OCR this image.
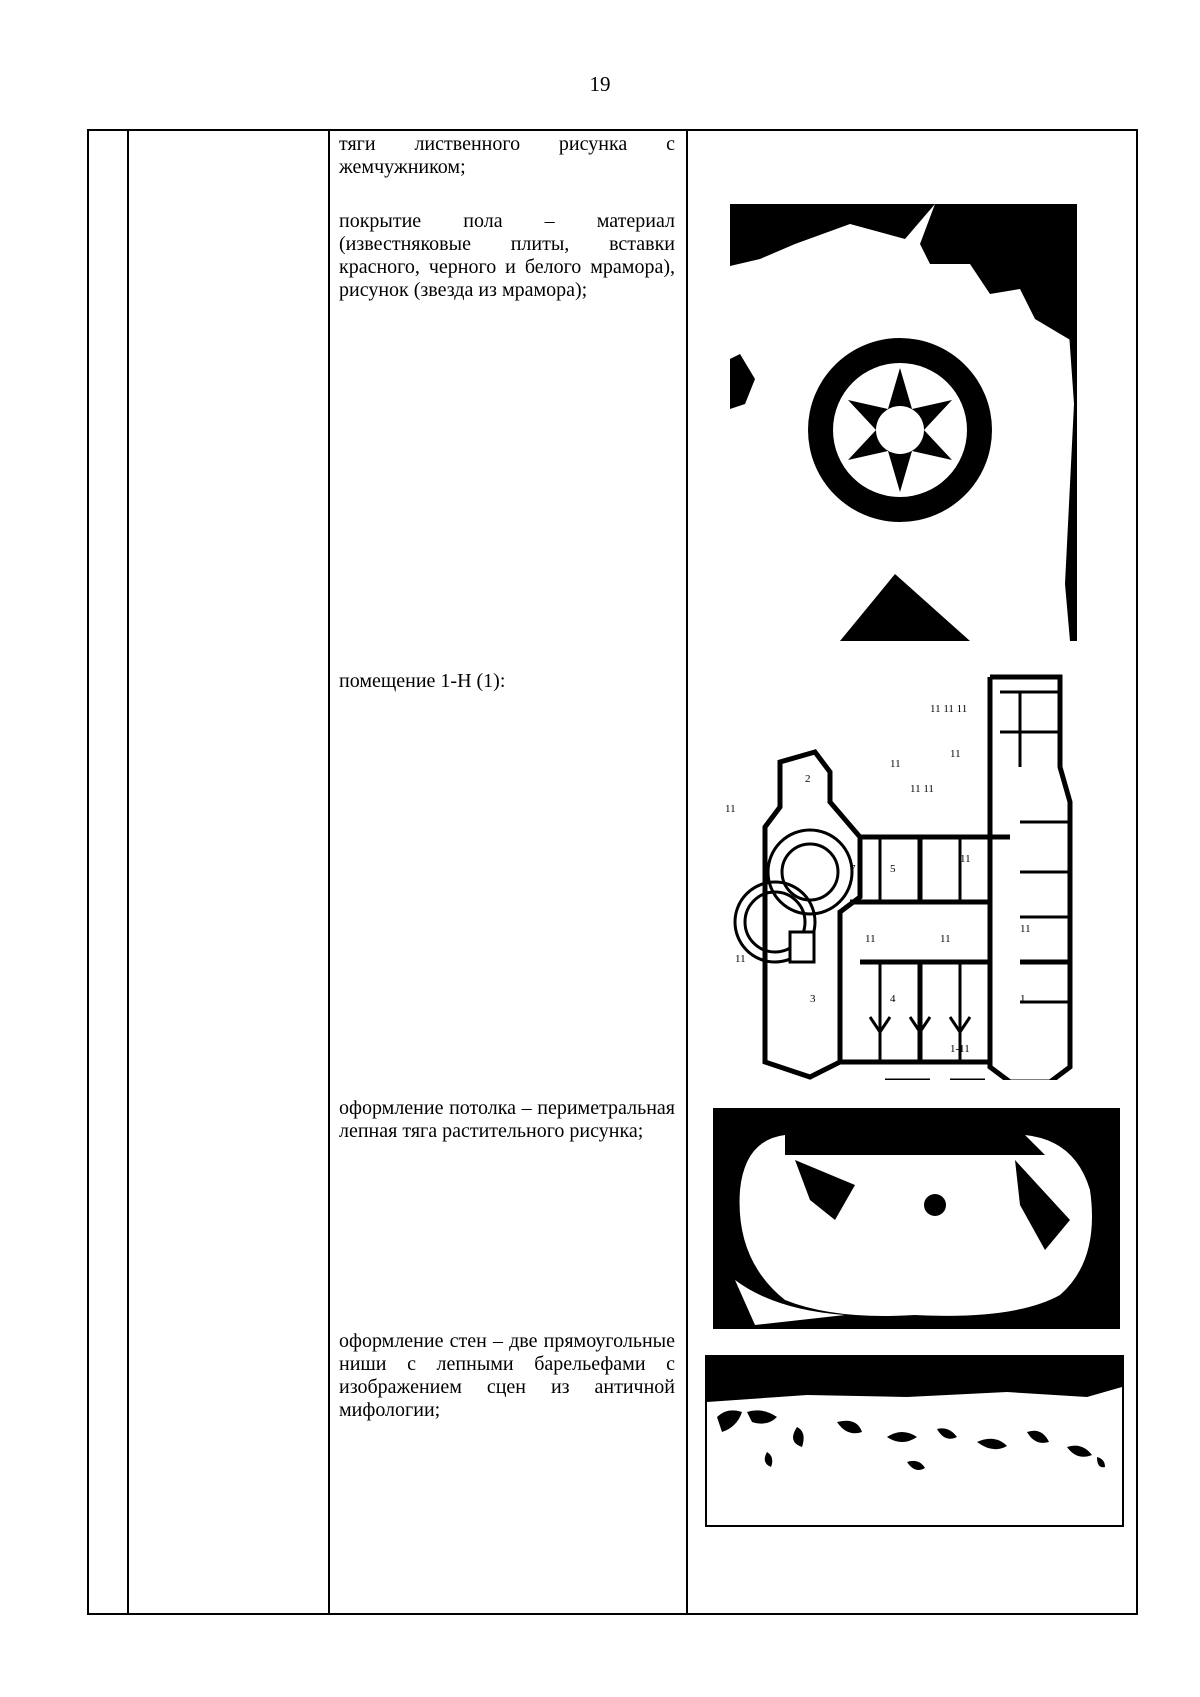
19
тяги лиственного рисунка с жемчужником;
покрытие пола – материал (известняковые плиты, вставки красного, черного и белого мрамора), рисунок (звезда из мрамора);
помещение 1-Н (1):
оформление потолка – периметральная лепная тяга растительного рисунка;
оформление стен – две прямоугольные ниши с лепными барельефами с изображением сцен из античной мифологии;
2
11
11
11 11 11
11 11
7	5
11
11	11
11
3	4	1
11
11
1-11
